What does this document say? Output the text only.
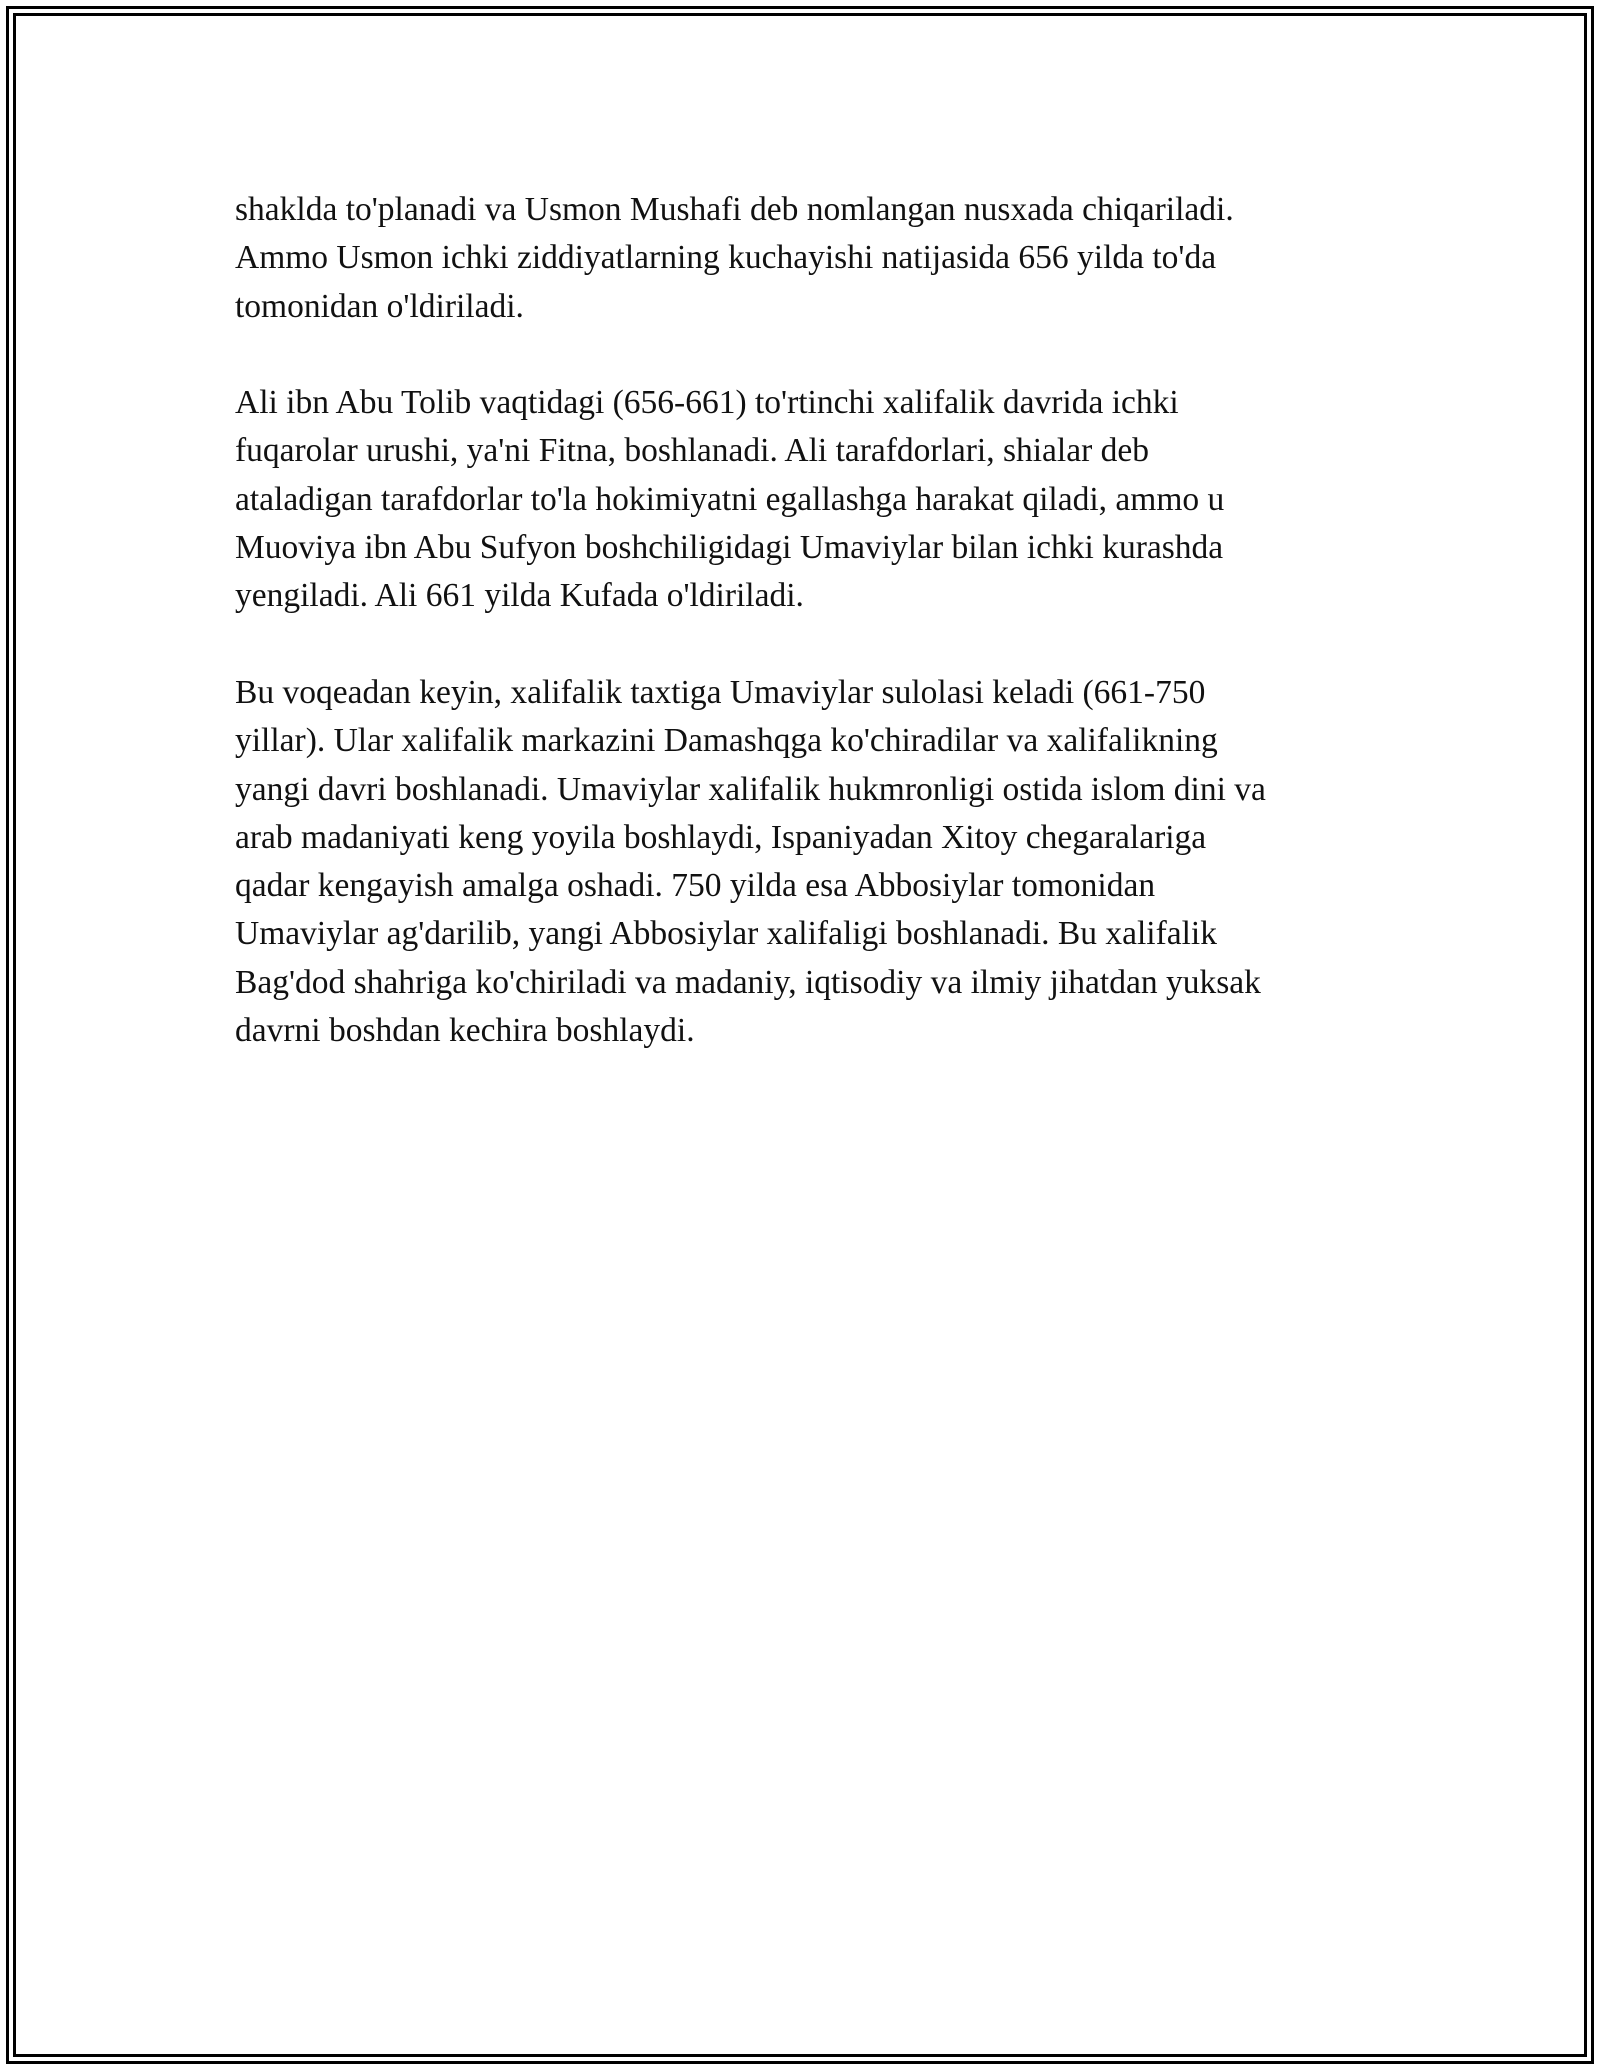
shaklda to'planadi va Usmon Mushafi deb nomlangan nusxada chiqariladi.
Ammo Usmon ichki ziddiyatlarning kuchayishi natijasida 656 yilda to'da
tomonidan o'ldiriladi.

Ali ibn Abu Tolib vaqtidagi (656-661) to'rtinchi xalifalik davrida ichki
fuqarolar urushi, ya'ni Fitna, boshlanadi. Ali tarafdorlari, shialar deb
ataladigan tarafdorlar to'la hokimiyatni egallashga harakat qiladi, ammo u
Muoviya ibn Abu Sufyon boshchiligidagi Umaviylar bilan ichki kurashda
yengiladi. Ali 661 yilda Kufada o'ldiriladi.

Bu voqeadan keyin, xalifalik taxtiga Umaviylar sulolasi keladi (661-750
yillar). Ular xalifalik markazini Damashqga ko'chiradilar va xalifalikning
yangi davri boshlanadi. Umaviylar xalifalik hukmronligi ostida islom dini va
arab madaniyati keng yoyila boshlaydi, Ispaniyadan Xitoy chegaralariga
qadar kengayish amalga oshadi. 750 yilda esa Abbosiylar tomonidan
Umaviylar ag'darilib, yangi Abbosiylar xalifaligi boshlanadi. Bu xalifalik
Bag'dod shahriga ko'chiriladi va madaniy, iqtisodiy va ilmiy jihatdan yuksak
davrni boshdan kechira boshlaydi.
